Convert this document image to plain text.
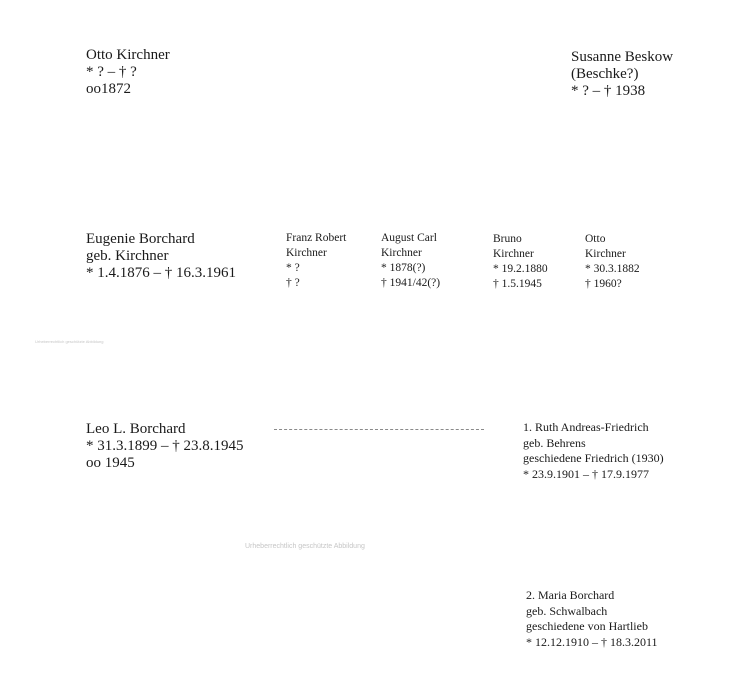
Otto Kirchner
* ? – † ?
oo1872
Susanne Beskow
(Beschke?)
* ? – † 1938
Eugenie Borchard
geb. Kirchner
* 1.4.1876 – † 16.3.1961
Franz Robert
Kirchner
* ?
† ?
August Carl
Kirchner
* 1878(?)
† 1941/42(?)
Bruno
Kirchner
* 19.2.1880
† 1.5.1945
Otto
Kirchner
* 30.3.1882
† 1960?
Urheberrechtlich geschützte Abbildung
Leo L. Borchard
* 31.3.1899 – † 23.8.1945
oo 1945
1. Ruth Andreas-Friedrich
geb. Behrens
geschiedene Friedrich (1930)
* 23.9.1901 – † 17.9.1977
Urheberrechtlich geschützte Abbildung
2. Maria Borchard
geb. Schwalbach
geschiedene von Hartlieb
* 12.12.1910 – † 18.3.2011
